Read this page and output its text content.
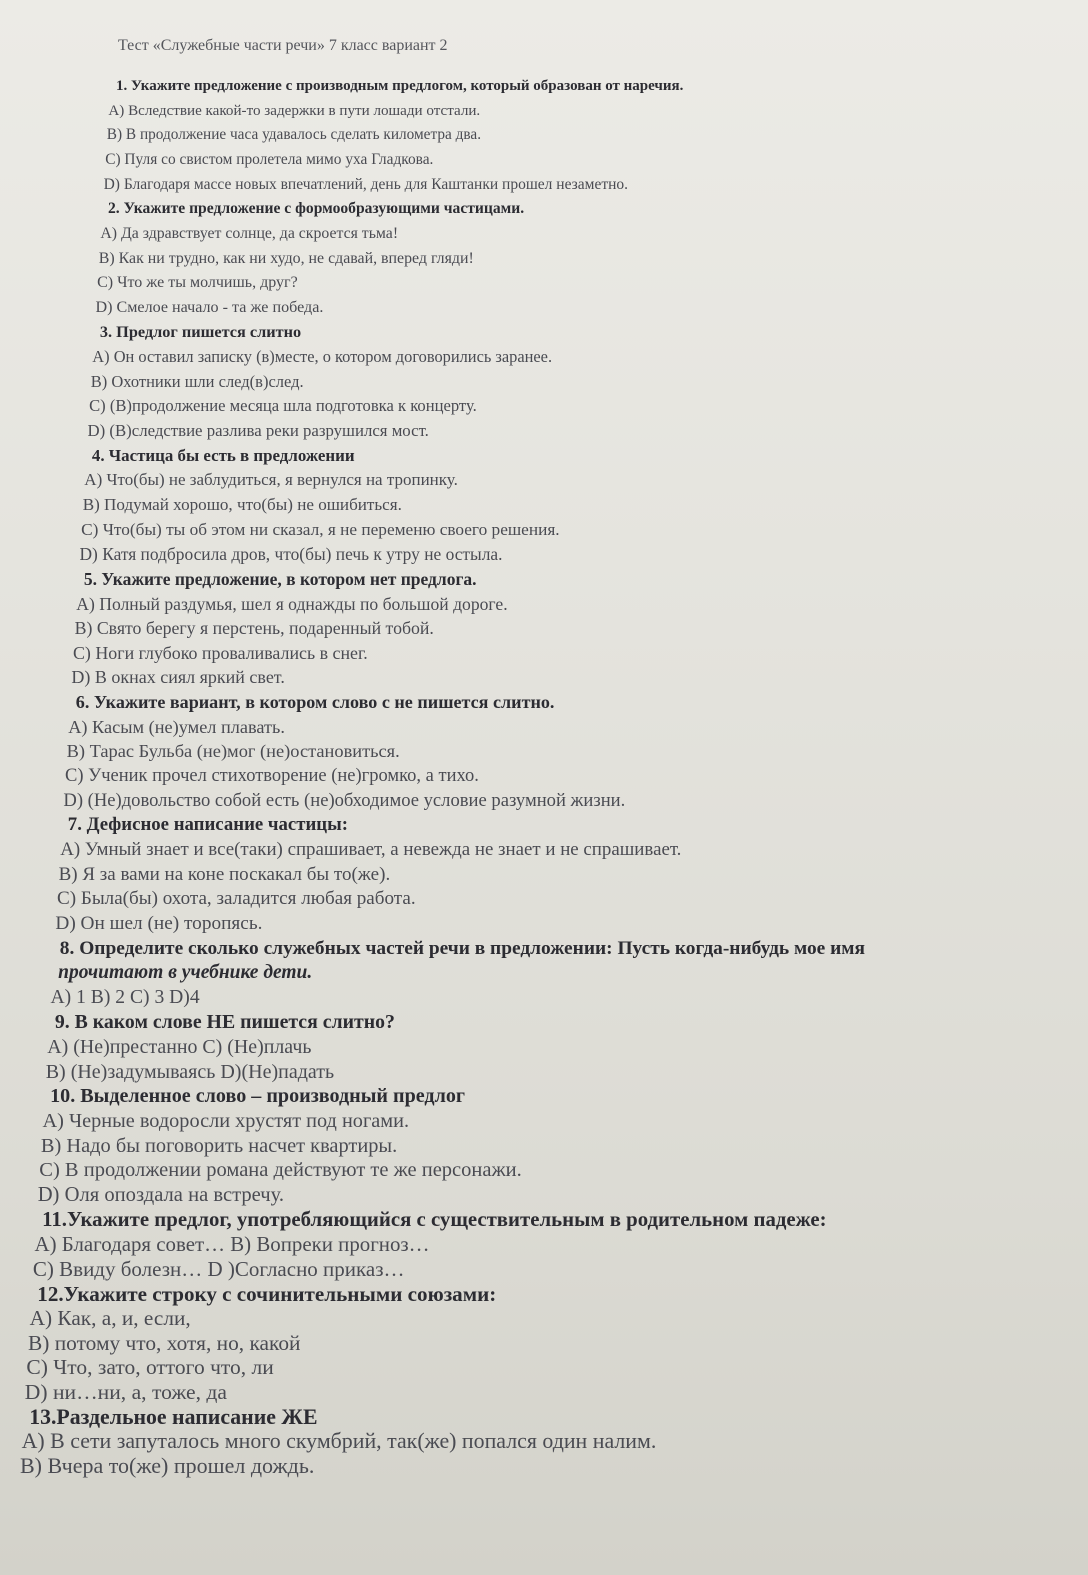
Тест «Служебные части речи» 7 класс вариант 2
1. Укажите предложение с производным предлогом, который образован от наречия.
A) Вследствие какой-то задержки в пути лошади отстали.
B) В продолжение часа удавалось сделать километра два.
C) Пуля со свистом пролетела мимо уха Гладкова.
D) Благодаря массе новых впечатлений, день для Каштанки прошел незаметно.
2. Укажите предложение с формообразующими частицами.
A) Да здравствует солнце, да скроется тьма!
B) Как ни трудно, как ни худо, не сдавай, вперед гляди!
C) Что же ты молчишь, друг?
D) Смелое начало - та же победа.
3. Предлог пишется слитно
A) Он оставил записку (в)месте, о котором договорились заранее.
B) Охотники шли след(в)след.
C) (В)продолжение месяца шла подготовка к концерту.
D) (В)следствие разлива реки разрушился мост.
4. Частица бы есть в предложении
A) Что(бы) не заблудиться, я вернулся на тропинку.
B) Подумай хорошо, что(бы) не ошибиться.
C) Что(бы) ты об этом ни сказал, я не переменю своего решения.
D) Катя подбросила дров, что(бы) печь к утру не остыла.
5. Укажите предложение, в котором нет предлога.
A) Полный раздумья, шел я однажды по большой дороге.
B) Свято берегу я перстень, подаренный тобой.
C) Ноги глубоко проваливались в снег.
D) В окнах сиял яркий свет.
6. Укажите вариант, в котором слово с не пишется слитно.
A) Касым (не)умел плавать.
B) Тарас Бульба (не)мог (не)остановиться.
C) Ученик прочел стихотворение (не)громко, а тихо.
D) (Не)довольство собой есть (не)обходимое условие разумной жизни.
7. Дефисное написание частицы:
A) Умный знает и все(таки) спрашивает, а невежда не знает и не спрашивает.
B) Я за вами на коне поскакал бы то(же).
C) Была(бы) охота, заладится любая работа.
D) Он шел (не) торопясь.
8. Определите сколько служебных частей речи в предложении: Пусть когда-нибудь мое имя
прочитают в учебнике дети.
A) 1 B) 2 C) 3 D)4
9. В каком слове НЕ пишется слитно?
A) (Не)престанно C) (Не)плачь
B) (Не)задумываясь D)(Не)падать
10. Выделенное слово – производный предлог
A) Черные водоросли хрустят под ногами.
B) Надо бы поговорить насчет квартиры.
C) В продолжении романа действуют те же персонажи.
D) Оля опоздала на встречу.
11.Укажите предлог, употребляющийся с существительным в родительном падеже:
A) Благодаря совет… B) Вопреки прогноз…
C) Ввиду болезн… D )Согласно приказ…
12.Укажите строку с сочинительными союзами:
A) Как, а, и, если,
B) потому что, хотя, но, какой
C) Что, зато, оттого что, ли
D) ни…ни, а, тоже, да
13.Раздельное написание ЖЕ
A) В сети запуталось много скумбрий, так(же) попался один налим.
B) Вчера то(же) прошел дождь.
